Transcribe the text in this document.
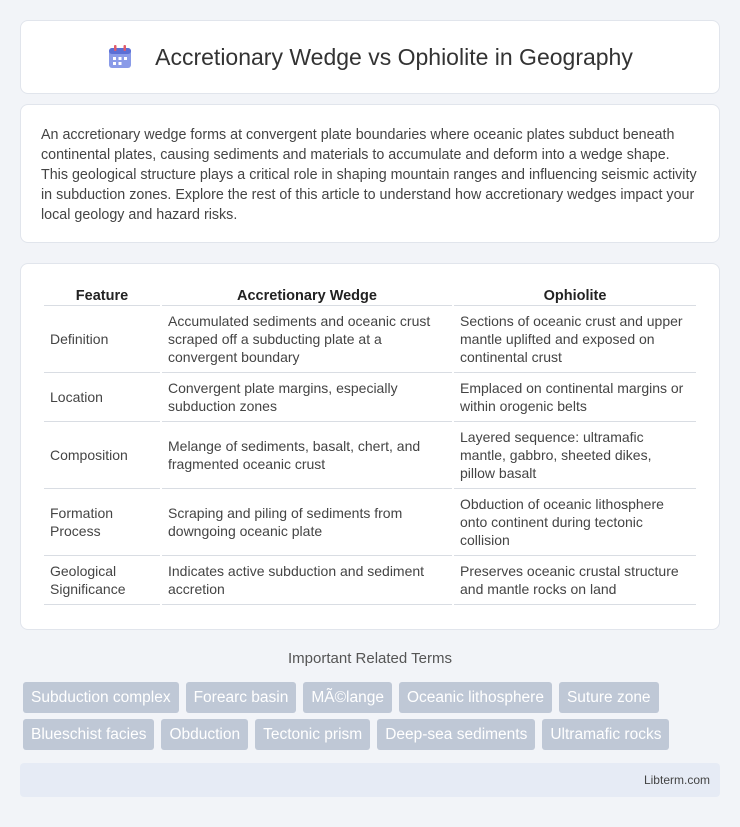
Accretionary Wedge vs Ophiolite in Geography

An accretionary wedge forms at convergent plate boundaries where oceanic plates subduct beneath continental plates, causing sediments and materials to accumulate and deform into a wedge shape. This geological structure plays a critical role in shaping mountain ranges and influencing seismic activity in subduction zones. Explore the rest of this article to understand how accretionary wedges impact your local geology and hazard risks.

Feature	Accretionary Wedge	Ophiolite
Definition	Accumulated sediments and oceanic crust scraped off a subducting plate at a convergent boundary	Sections of oceanic crust and upper mantle uplifted and exposed on continental crust
Location	Convergent plate margins, especially subduction zones	Emplaced on continental margins or within orogenic belts
Composition	Melange of sediments, basalt, chert, and fragmented oceanic crust	Layered sequence: ultramafic mantle, gabbro, sheeted dikes, pillow basalt
Formation Process	Scraping and piling of sediments from downgoing oceanic plate	Obduction of oceanic lithosphere onto continent during tectonic collision
Geological Significance	Indicates active subduction and sediment accretion	Preserves oceanic crustal structure and mantle rocks on land
Important Related Terms
Subduction complex	Forearc basin	MÃ©lange	Oceanic lithosphere	Suture zone
Blueschist facies	Obduction	Tectonic prism	Deep-sea sediments	Ultramafic rocks
Libterm.com
